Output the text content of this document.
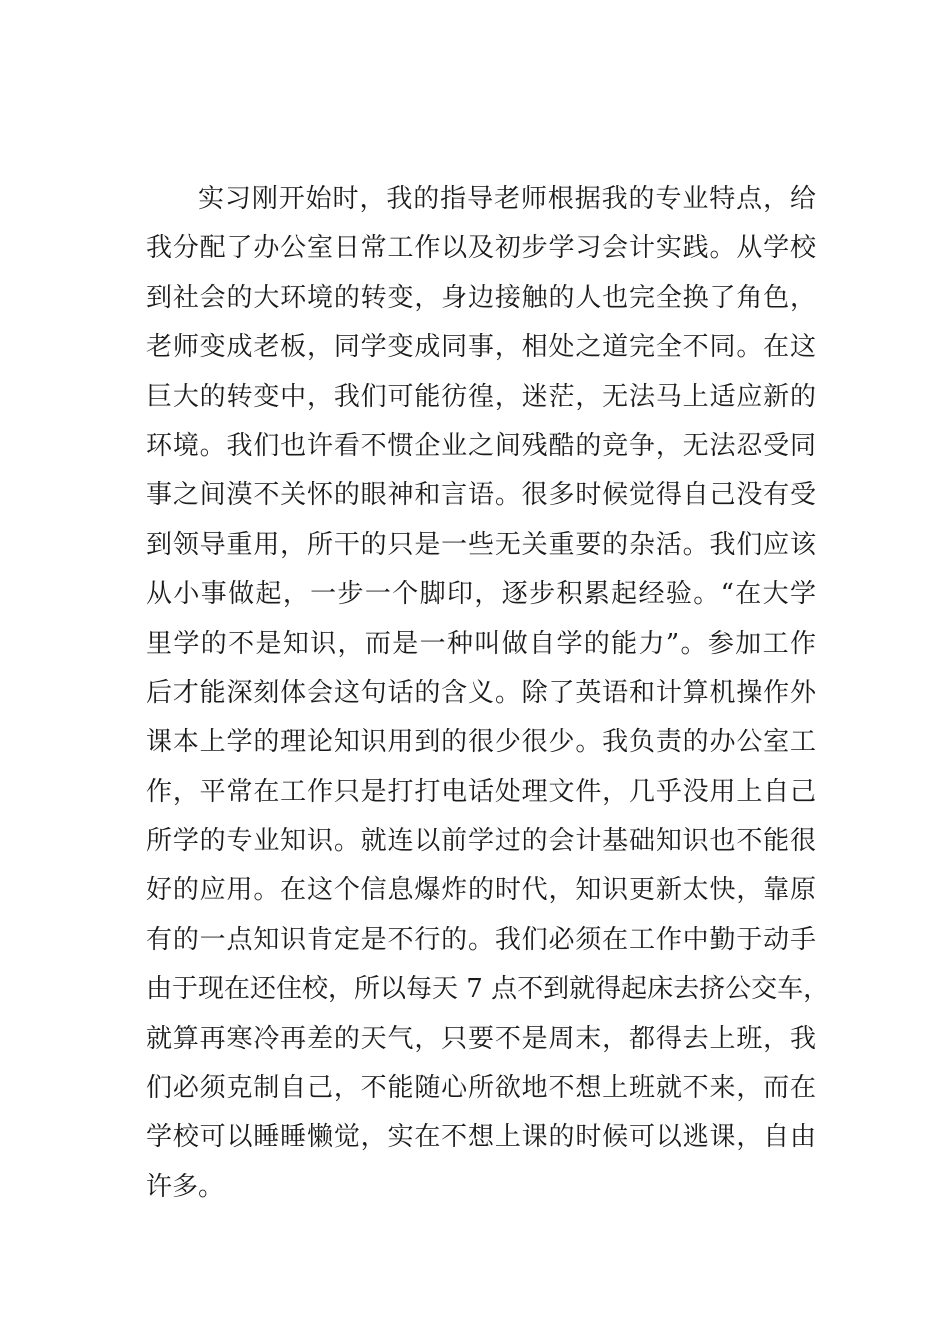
实习刚开始时，我的指导老师根据我的专业特点，给
我分配了办公室日常工作以及初步学习会计实践。从学校
到社会的大环境的转变，身边接触的人也完全换了角色，
老师变成老板，同学变成同事，相处之道完全不同。在这
巨大的转变中，我们可能彷徨，迷茫，无法马上适应新的
环境。我们也许看不惯企业之间残酷的竞争，无法忍受同
事之间漠不关怀的眼神和言语。很多时候觉得自己没有受
到领导重用，所干的只是一些无关重要的杂活。我们应该
从小事做起，一步一个脚印，逐步积累起经验。“在大学
里学的不是知识，而是一种叫做自学的能力”。参加工作
后才能深刻体会这句话的含义。除了英语和计算机操作外
课本上学的理论知识用到的很少很少。我负责的办公室工
作，平常在工作只是打打电话处理文件，几乎没用上自己
所学的专业知识。就连以前学过的会计基础知识也不能很
好的应用。在这个信息爆炸的时代，知识更新太快，靠原
有的一点知识肯定是不行的。我们必须在工作中勤于动手
由于现在还住校，所以每天 7 点不到就得起床去挤公交车，
就算再寒冷再差的天气，只要不是周末，都得去上班，我
们必须克制自己，不能随心所欲地不想上班就不来，而在
学校可以睡睡懒觉，实在不想上课的时候可以逃课，自由
许多。
